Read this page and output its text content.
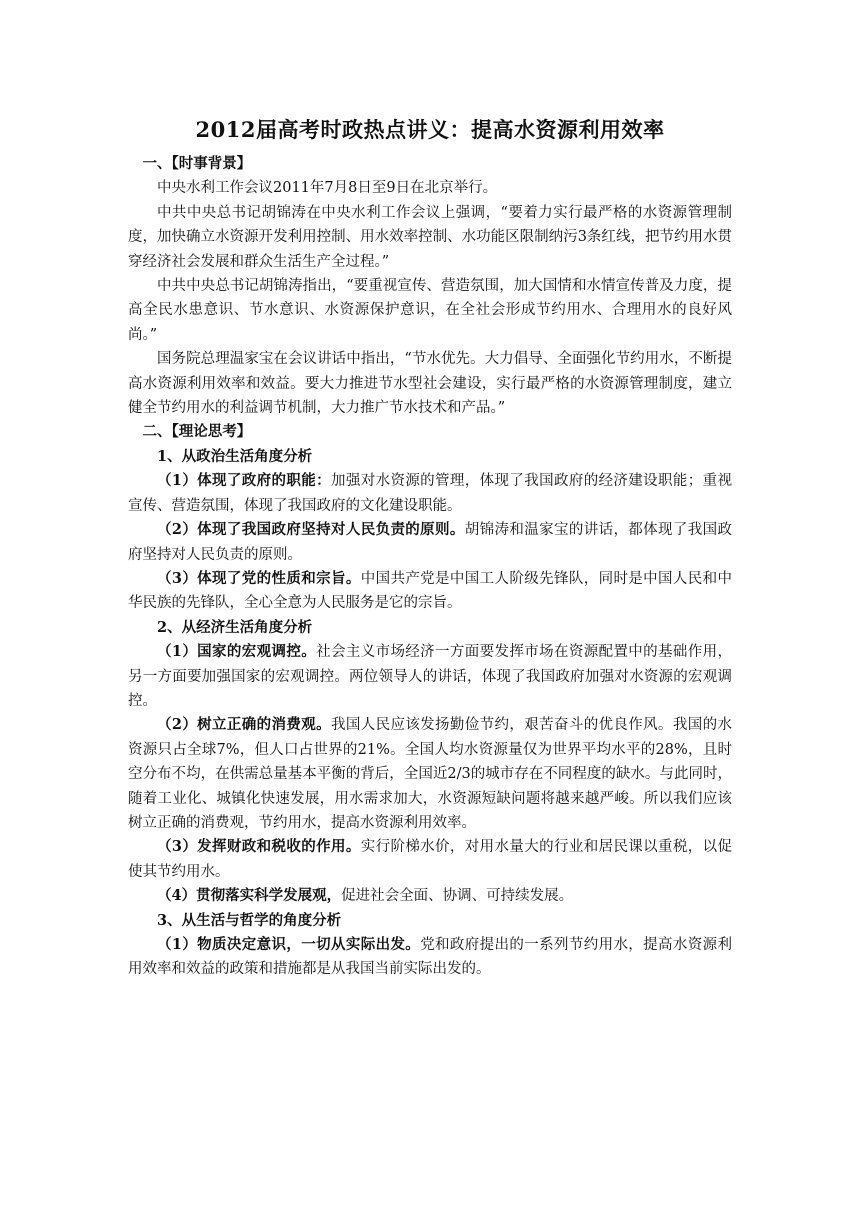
2012届高考时政热点讲义：提高水资源利用效率

一、【时事背景】

中央水利工作会议2011年7月8日至9日在北京举行。

中共中央总书记胡锦涛在中央水利工作会议上强调，“要着力实行最严格的水资源管理制度，加快确立水资源开发利用控制、用水效率控制、水功能区限制纳污3条红线，把节约用水贯穿经济社会发展和群众生活生产全过程。”

中共中央总书记胡锦涛指出，“要重视宣传、营造氛围，加大国情和水情宣传普及力度，提高全民水患意识、节水意识、水资源保护意识，在全社会形成节约用水、合理用水的良好风尚。”

国务院总理温家宝在会议讲话中指出，“节水优先。大力倡导、全面强化节约用水，不断提高水资源利用效率和效益。要大力推进节水型社会建设，实行最严格的水资源管理制度，建立健全节约用水的利益调节机制，大力推广节水技术和产品。”

二、【理论思考】

1、从政治生活角度分析

（1）体现了政府的职能：加强对水资源的管理，体现了我国政府的经济建设职能；重视宣传、营造氛围，体现了我国政府的文化建设职能。

（2）体现了我国政府坚持对人民负责的原则。胡锦涛和温家宝的讲话，都体现了我国政府坚持对人民负责的原则。

（3）体现了党的性质和宗旨。中国共产党是中国工人阶级先锋队，同时是中国人民和中华民族的先锋队，全心全意为人民服务是它的宗旨。

2、从经济生活角度分析

（1）国家的宏观调控。社会主义市场经济一方面要发挥市场在资源配置中的基础作用，另一方面要加强国家的宏观调控。两位领导人的讲话，体现了我国政府加强对水资源的宏观调控。

（2）树立正确的消费观。我国人民应该发扬勤俭节约，艰苦奋斗的优良作风。我国的水资源只占全球7%，但人口占世界的21%。全国人均水资源量仅为世界平均水平的28%，且时空分布不均，在供需总量基本平衡的背后，全国近2/3的城市存在不同程度的缺水。与此同时，随着工业化、城镇化快速发展，用水需求加大，水资源短缺问题将越来越严峻。所以我们应该树立正确的消费观，节约用水，提高水资源利用效率。

（3）发挥财政和税收的作用。实行阶梯水价，对用水量大的行业和居民课以重税，以促使其节约用水。

（4）贯彻落实科学发展观，促进社会全面、协调、可持续发展。

3、从生活与哲学的角度分析

（1）物质决定意识，一切从实际出发。党和政府提出的一系列节约用水，提高水资源利用效率和效益的政策和措施都是从我国当前实际出发的。
